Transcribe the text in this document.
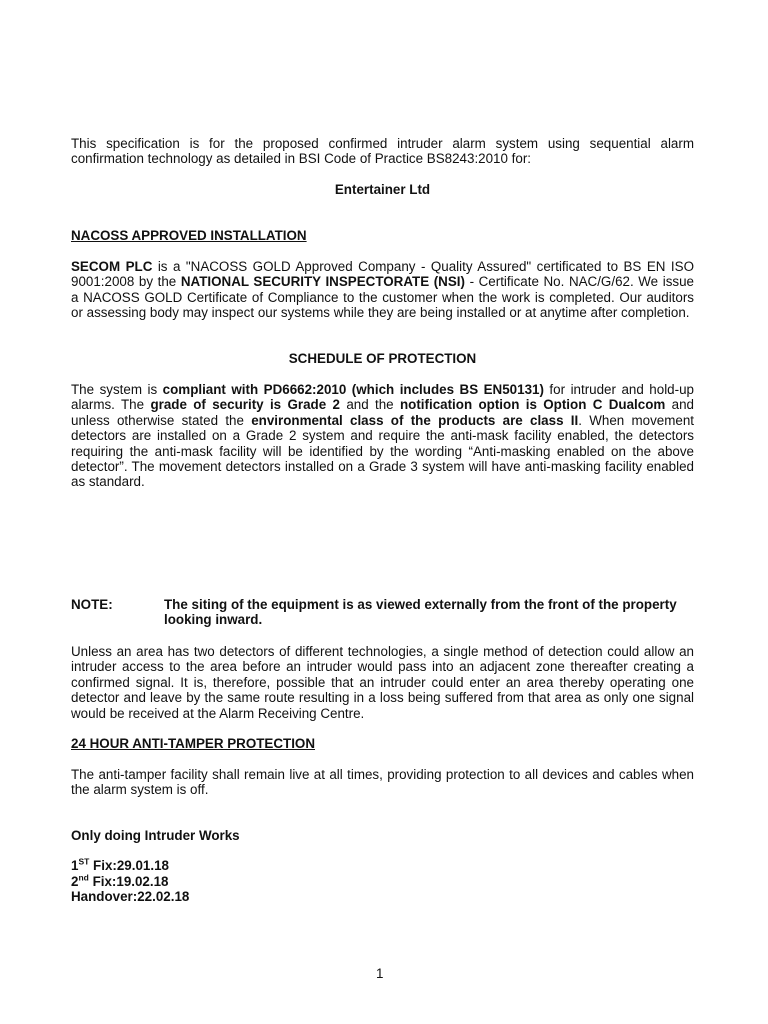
This specification is for the proposed confirmed intruder alarm system using sequential alarm confirmation technology as detailed in BSI Code of Practice BS8243:2010 for:

Entertainer Ltd

NACOSS APPROVED INSTALLATION

SECOM PLC is a "NACOSS GOLD Approved Company - Quality Assured" certificated to BS EN ISO 9001:2008 by the NATIONAL SECURITY INSPECTORATE (NSI) - Certificate No. NAC/G/62. We issue a NACOSS GOLD Certificate of Compliance to the customer when the work is completed. Our auditors or assessing body may inspect our systems while they are being installed or at anytime after completion.

SCHEDULE OF PROTECTION

The system is compliant with PD6662:2010 (which includes BS EN50131) for intruder and hold-up alarms. The grade of security is Grade 2 and the notification option is Option C Dualcom and unless otherwise stated the environmental class of the products are class II. When movement detectors are installed on a Grade 2 system and require the anti-mask facility enabled, the detectors requiring the anti-mask facility will be identified by the wording “Anti-masking enabled on the above detector”. The movement detectors installed on a Grade 3 system will have anti-masking facility enabled as standard.

NOTE:	The siting of the equipment is as viewed externally from the front of the property looking inward.

Unless an area has two detectors of different technologies, a single method of detection could allow an intruder access to the area before an intruder would pass into an adjacent zone thereafter creating a confirmed signal. It is, therefore, possible that an intruder could enter an area thereby operating one detector and leave by the same route resulting in a loss being suffered from that area as only one signal would be received at the Alarm Receiving Centre.

24 HOUR ANTI-TAMPER PROTECTION

The anti-tamper facility shall remain live at all times, providing protection to all devices and cables when the alarm system is off.

Only doing Intruder Works

1ST Fix:29.01.18

2nd Fix:19.02.18

Handover:22.02.18

1
